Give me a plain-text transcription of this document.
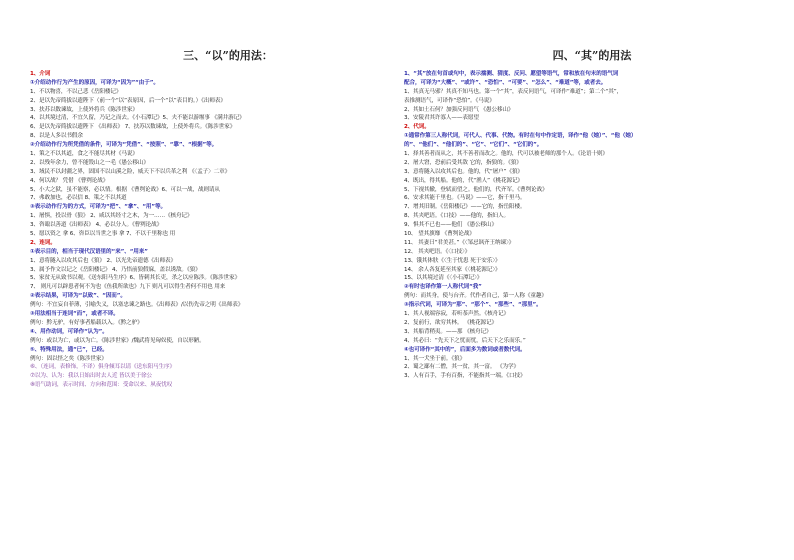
三、“以”的用法：
1、介词
①介绍动作行为产生的原因，可译为“因为”“由于”。
1、不以物喜，不以己悲《岳阳楼记》
2、是以先帝简拔以遗陛下（前一个“以”表原因，后一个“以”表目的。）《出师表》
3、扶苏以数谏故，上使外将兵《陈涉世家》
4、以其境过清，不宜久留，乃记之而去。《小石潭记》5、夫不能以游堰事 《满井游记》
6、是以先帝简拔以遗陛下 《出师表》 7、扶苏以数谏故，上使外将兵。《陈涉世家》
8、以是人多以书假余
②介绍动作行为所凭借的条件，可译为“凭借”、“按照”、“靠”、“根据”等。
1、策之不以其道，食之不能尽其材《马说》
2、以残年余力，曾不能毁山之一毛《愚公移山》
3、域民不以封疆之界，固国不以山溪之险，威天下不以兵革之利 《〈孟子〉二章》
4、何以战？ 凭借 《曹刿论战》
5、小大之狱，虽不能察，必以情。根据 《曹刿论战》6、可以一战，战则请从
7、弗敢加也，必以信 8、策之不以其道
③表示动作行为的方式，可译为“把”、“拿”、“用”等。
1、屠惧，投以骨《狼》 2、咸以其经寸之木，为一……《核舟记》
3、咨诹以善道《出师表》 4、必以分人。《曹刿论战》
5、愿以资之 拿 6、咨臣以当世之事 拿 7、不以千里称也 用
2、连词。
①表示目的，相当于现代汉语里的“来”、“用来”
1、意将隧入以攻其后也《狼》 2、以光先帝遗德《出师表》
3、属予作文以记之《岳阳楼记》 4、乃悟前狼假寐，盖以诱敌。《狼》
5、家贫无从致书以观。《送东阳马生序》6、皆刺其长吏，杀之以应陈涉。《陈涉世家》
7、 则凡可以辟患者何不为也《鱼我所欲也》九下 则凡可以得生者何不用也 用来
②表示结果，可译为“以致”、“因而”。
例句：不宜妄自菲薄，引喻失义，以塞忠谏之路也。《出师表》/以伤先帝之明《出师表》
③用法相当于连词“而”，或者不译。
例句：黔无驴，有好事者船载以入。《黔之驴》
④、用作动词，可译作“认为”。
例句：或以为亡，或以为亡。《陈涉世家》/魏武将见匈奴使，自以形陋。
⑤、特殊用法，通“已”，已经。
例句：固以怪之矣《陈涉世家》
⑥、（连词，表修饰，不译）俱身倾耳以请《送东阳马生序》
⑦以为、认为：我以日始出时去人近 皆以美于徐公
⑧语气助词，表示时间、方向和范围：受命以来、夙夜忧叹
四、“其”的用法
1、“其”放在句首或句中，表示揣测、猜度、反问、愿望等语气，常和放在句末的语气词
配合，可译为“大概”、“或许”、“恐怕”、“可要”、“怎么”、“难道”等，或者去。
1、其真无马邪？其真不知马也。第一个“其”，表反问语气，可译作“难道”；第二个“其”，
表推测语气，可译作“恐怕”。《马说》
2、其如土石何？加强反问语气 《愚公移山》
3、安陵君其许寡人——表愿望
2、代词。
①通常作第三人称代词，可代人、代事、代物。有时在句中作定语，译作“他（她）”、“他（她）
的”、“他们”、“他们的”、“它”、“它们”、“它们的”。
1、择其善者而从之，其不善者而改之。他的，代可以被老师的那个人。《论语十则》
2、屠大窘，恐前后受其敌 它的，指狼的。《狼》
3、意将隧入以攻其后也。他的，代“屠户”《狼》
4、既出，得其船。他的，代“渔人”《桃花源记》
5、下视其辙，登轼而望之。他们的，代齐军。《曹刿论战》
6、安求其能千里也。《马说》——它，指千里马。
7、增其旧制。《岳阳楼记》——它的，指岳阳楼。
8、其夹吧语。《口技》——他的，指妇人。
9、惧其不已也——他们 《愚公移山》
10、 望其旗靡 《曹刿论战》
11、 其妻曰“君美甚。”《〈邹忌讽齐王纳谏〉》
12、 其夹吧语。《〈口技〉》
13、饿其体肤《〈生于忧患 死于安乐〉》
14、 余人各复延至其家《〈桃花源记〉》
15、以其境过清《〈小石潭记〉》
②有时也译作第一人称代词“我”
例句：而其身，使与台齐。代作者自己，第一人称《童趣》
③指示代词，可译为“那”、“那个”、“那些”、“那里”。
1、其人视端容寂，若听茶声然。《核舟记》
2、复前行，欲穷其林。 《桃花源记》
3、其船背稍夷。——那 《核舟记》
4、其必曰：“先天下之忧而忧，后天下之乐而乐。”
④也可译作“其中的”，后面多为数词或者数代词。
1、其一犬坐于前。《狼》
2、蜀之鄙有二僧，其一贫，其一富。 《为学》
3、人有百手，手有百指，不能指其一端。《口技》
